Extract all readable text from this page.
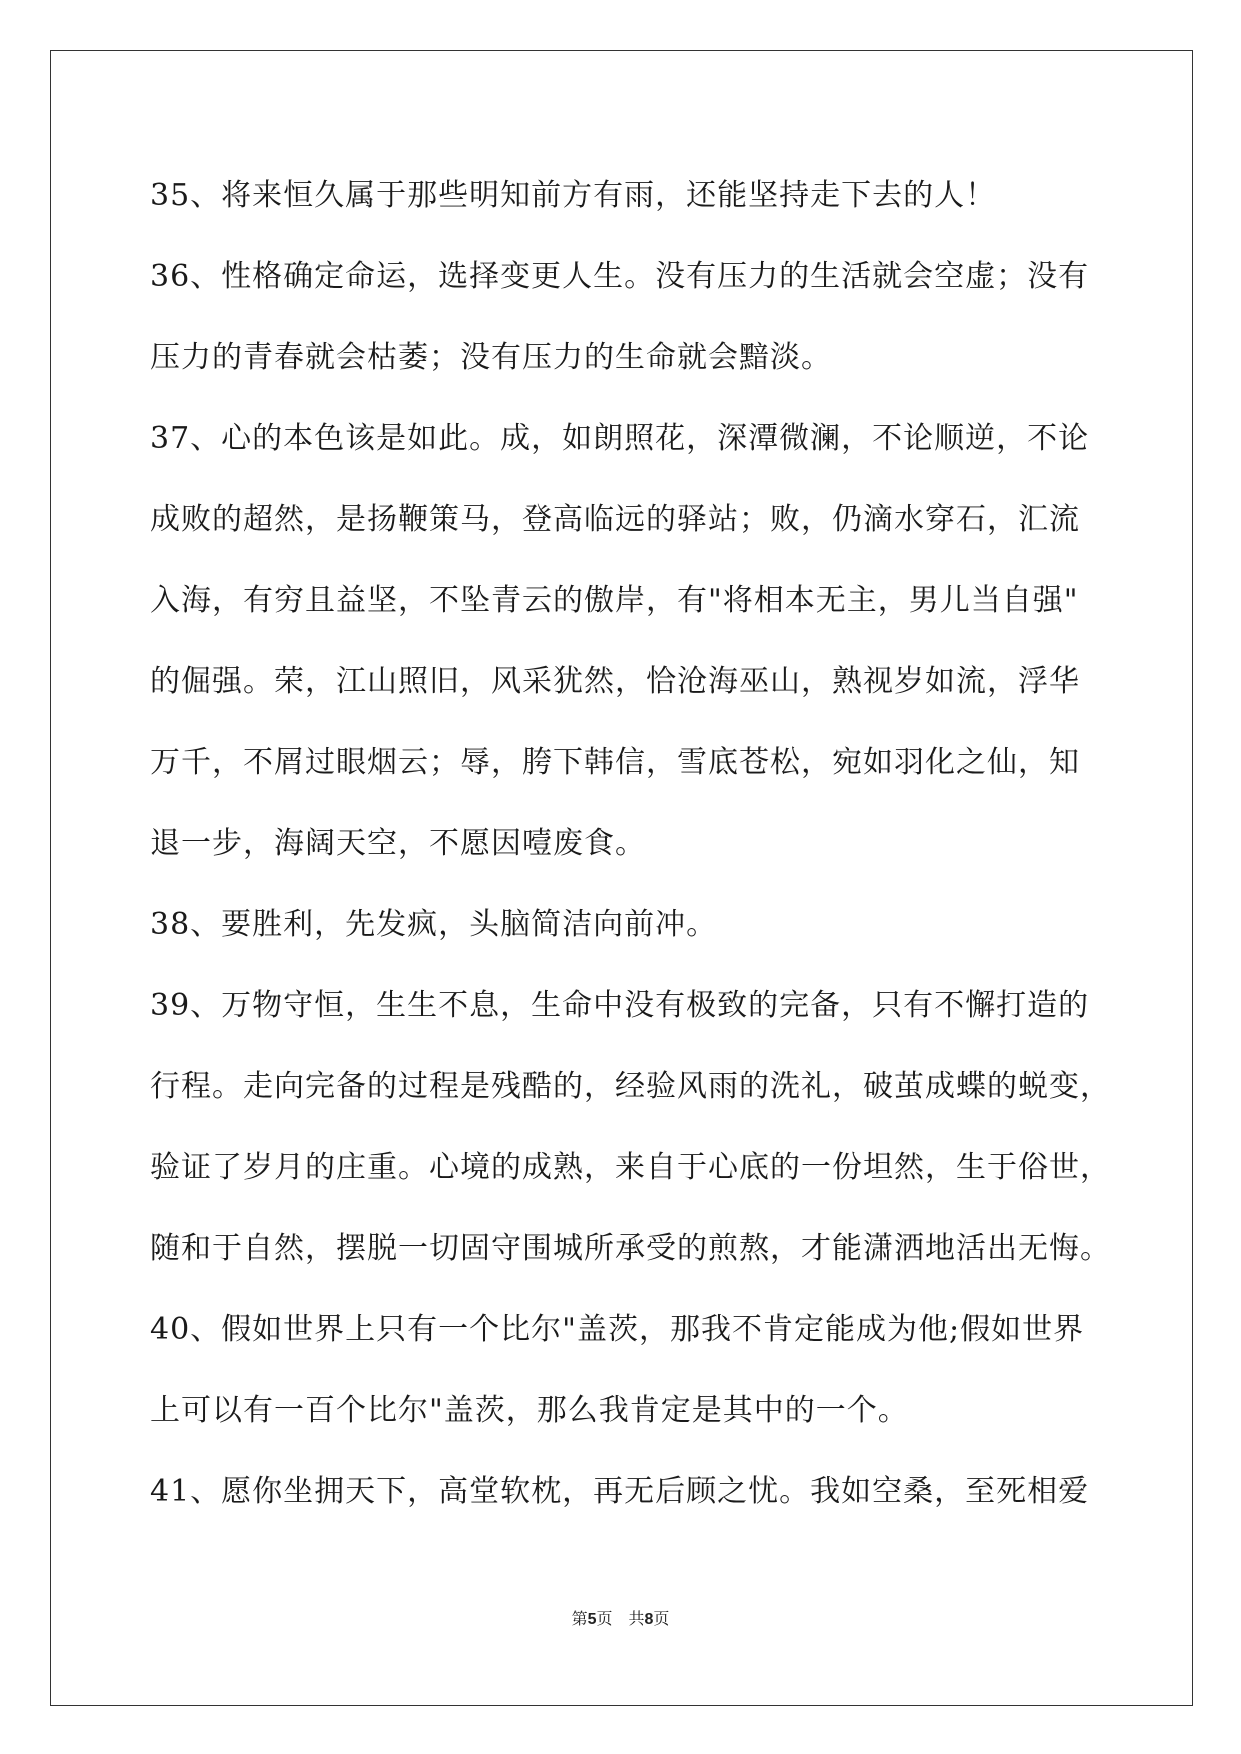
35、将来恒久属于那些明知前方有雨，还能坚持走下去的人！

36、性格确定命运，选择变更人生。没有压力的生活就会空虚；没有

压力的青春就会枯萎；没有压力的生命就会黯淡。

37、心的本色该是如此。成，如朗照花，深潭微澜，不论顺逆，不论

成败的超然，是扬鞭策马，登高临远的驿站；败，仍滴水穿石，汇流

入海，有穷且益坚，不坠青云的傲岸，有"将相本无主，男儿当自强"

的倔强。荣，江山照旧，风采犹然，恰沧海巫山，熟视岁如流，浮华

万千，不屑过眼烟云；辱，胯下韩信，雪底苍松，宛如羽化之仙，知

退一步，海阔天空，不愿因噎废食。

38、要胜利，先发疯，头脑简洁向前冲。

39、万物守恒，生生不息，生命中没有极致的完备，只有不懈打造的

行程。走向完备的过程是残酷的，经验风雨的洗礼，破茧成蝶的蜕变，

验证了岁月的庄重。心境的成熟，来自于心底的一份坦然，生于俗世，

随和于自然，摆脱一切固守围城所承受的煎熬，才能潇洒地活出无悔。

40、假如世界上只有一个比尔"盖茨，那我不肯定能成为他;假如世界

上可以有一百个比尔"盖茨，那么我肯定是其中的一个。

41、愿你坐拥天下，高堂软枕，再无后顾之忧。我如空桑，至死相爱

第5页　共8页
